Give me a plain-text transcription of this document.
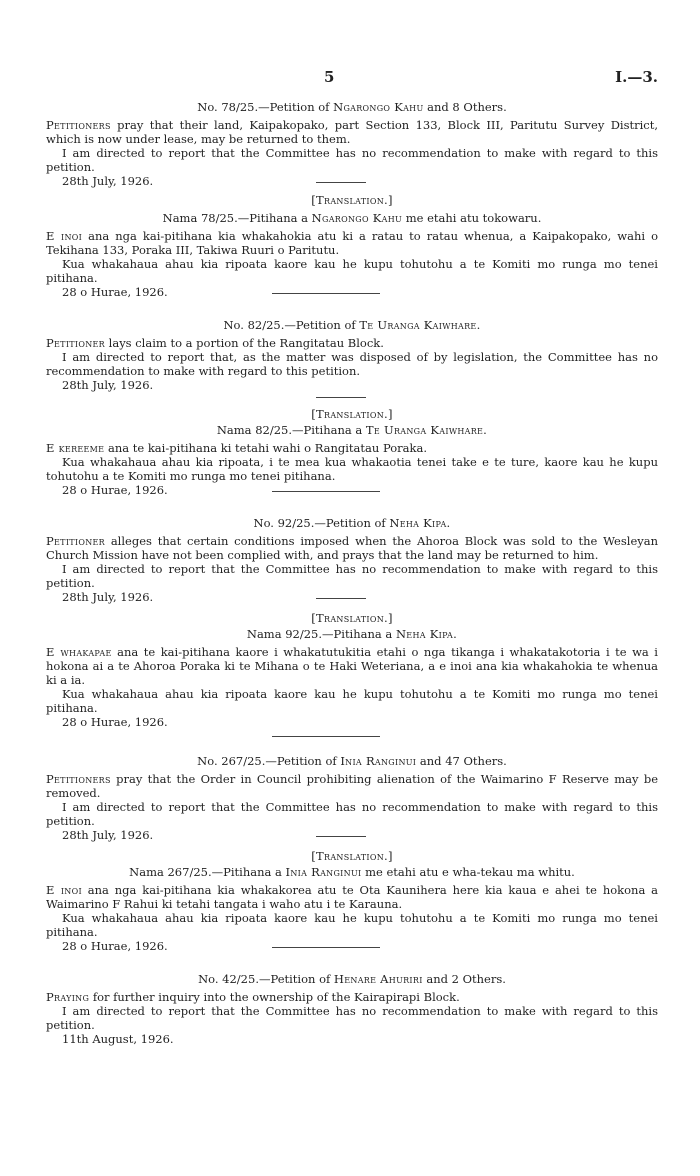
5	I.—3.
No. 78/25.—Petition of Ngarongo Kahu and 8 Others.

Petitioners pray that their land, Kaipakopako, part Section 133, Block III, Paritutu Survey District, which is now under lease, may be returned to them.

I am directed to report that the Committee has no recommendation to make with regard to this petition.

28th July, 1926.
[Translation.]
Nama 78/25.—Pitihana a Ngarongo Kahu me etahi atu tokowaru.

E inoi ana nga kai-pitihana kia whakahokia atu ki a ratau to ratau whenua, a Kaipakopako, wahi o Tekihana 133, Poraka III, Takiwa Ruuri o Paritutu.

Kua whakahaua ahau kia ripoata kaore kau he kupu tohutohu a te Komiti mo runga mo tenei pitihana.

28 o Hurae, 1926.
No. 82/25.—Petition of Te Uranga Kaiwhare.

Petitioner lays claim to a portion of the Rangitatau Block.

I am directed to report that, as the matter was disposed of by legislation, the Committee has no recommendation to make with regard to this petition.

28th July, 1926.
[Translation.]
Nama 82/25.—Pitihana a Te Uranga Kaiwhare.

E kereeme ana te kai-pitihana ki tetahi wahi o Rangitatau Poraka.

Kua whakahaua ahau kia ripoata, i te mea kua whakaotia tenei take e te ture, kaore kau he kupu tohutohu a te Komiti mo runga mo tenei pitihana.

28 o Hurae, 1926.
No. 92/25.—Petition of Neha Kipa.

Petitioner alleges that certain conditions imposed when the Ahoroa Block was sold to the Wesleyan Church Mission have not been complied with, and prays that the land may be returned to him.

I am directed to report that the Committee has no recommendation to make with regard to this petition.

28th July, 1926.
[Translation.]
Nama 92/25.—Pitihana a Neha Kipa.

E whakapae ana te kai-pitihana kaore i whakatutukitia etahi o nga tikanga i whakatakotoria i te wa i hokona ai a te Ahoroa Poraka ki te Mihana o te Haki Weteriana, a e inoi ana kia whakahokia te whenua ki a ia.

Kua whakahaua ahau kia ripoata kaore kau he kupu tohutohu a te Komiti mo runga mo tenei pitihana.

28 o Hurae, 1926.
No. 267/25.—Petition of Inia Ranginui and 47 Others.

Petitioners pray that the Order in Council prohibiting alienation of the Waimarino F Reserve may be removed.

I am directed to report that the Committee has no recommendation to make with regard to this petition.

28th July, 1926.
[Translation.]
Nama 267/25.—Pitihana a Inia Ranginui me etahi atu e wha-tekau ma whitu.

E inoi ana nga kai-pitihana kia whakakorea atu te Ota Kaunihera here kia kaua e ahei te hokona a Waimarino F Rahui ki tetahi tangata i waho atu i te Karauna.

Kua whakahaua ahau kia ripoata kaore kau he kupu tohutohu a te Komiti mo runga mo tenei pitihana.

28 o Hurae, 1926.
No. 42/25.—Petition of Henare Ahuriri and 2 Others.

Praying for further inquiry into the ownership of the Kairapirapi Block.

I am directed to report that the Committee has no recommendation to make with regard to this petition.

11th August, 1926.
